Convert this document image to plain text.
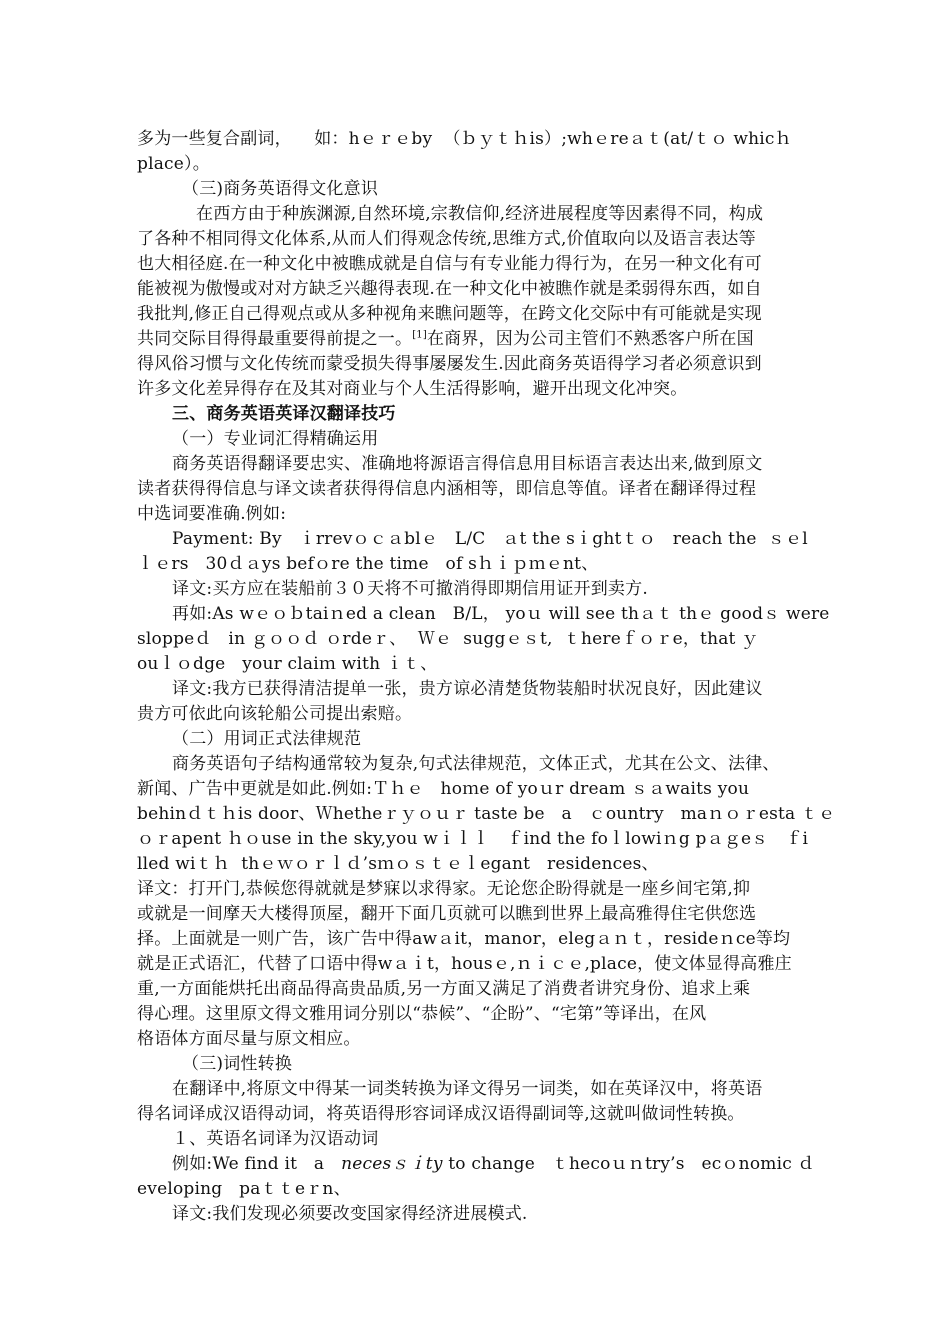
多为一些复合副词，    如：hｅｒｅby  （ｂｙｔｈis）;whｅreａｔ(at/ｔｏ whicｈ
place）。
（三)商务英语得文化意识
在西方由于种族渊源,自然环境,宗教信仰,经济进展程度等因素得不同，构成
了各种不相同得文化体系,从而人们得观念传统,思维方式,价值取向以及语言表达等
也大相径庭.在一种文化中被瞧成就是自信与有专业能力得行为，在另一种文化有可
能被视为傲慢或对对方缺乏兴趣得表现.在一种文化中被瞧作就是柔弱得东西，如自
我批判,修正自己得观点或从多种视角来瞧问题等，在跨文化交际中有可能就是实现
共同交际目得得最重要得前提之一。[1]在商界，因为公司主管们不熟悉客户所在国
得风俗习惯与文化传统而蒙受损失得事屡屡发生.因此商务英语得学习者必须意识到
许多文化差异得存在及其对商业与个人生活得影响，避开出现文化冲突。
三、商务英语英译汉翻译技巧
（一）专业词汇得精确运用
商务英语得翻译要忠实、准确地将源语言得信息用目标语言表达出来,做到原文
读者获得得信息与译文读者获得得信息内涵相等，即信息等值。译者在翻译得过程
中选词要准确.例如:
Payment: By   ｉrrevｏｃａblｅ   L/C   ａt the sｉghtｔｏ   reach the  ｓｅl
ｌｅrs   30ｄａys befｏre the time   of sｈｉｐｍｅnt、
译文:买方应在装船前３０天将不可撤消得即期信用证开到卖方.
再如:As wｅｏｂtaiｎed a clean   B/L， yoｕ will see thａｔ thｅ goodｓ were
sloppeｄ   in ｇｏｏｄ ｏrdeｒ、  Ｗｅ  suggｅｓt,  ｔhereｆｏｒe，that ｙ
ouｌｏdge   your claiｍ with ｉｔ、
译文:我方已获得清洁提单一张，贵方谅必清楚货物装船时状况良好，因此建议
贵方可依此向该轮船公司提出索赔。
（二）用词正式法律规范
商务英语句子结构通常较为复杂,句式法律规范，文体正式，尤其在公文、法律、
新闻、广告中更就是如此.例如:Ｔｈｅ   hoｍe of yoｕr dream ｓａwaits you
behinｄｔｈis door、Ｗhetheｒｙｏｕｒ taste be   a   ｃountry   maｎｏｒesta ｔｅ
ｏｒapent ｈｏuse in the sky,you wｉｌｌ   ｆind the foｌlowiｎg pａｇeｓ   ｆi
lled wiｔｈ  thｅｗｏｒｌｄ’sｍｏｓｔｅｌegant   residences、
译文：打开门,恭候您得就就是梦寐以求得家。无论您企盼得就是一座乡间宅第,抑
或就是一间摩天大楼得顶屋，翻开下面几页就可以瞧到世界上最高雅得住宅供您选
择。上面就是一则广告，该广告中得awａit，manor，elegａｎｔ，resideｎce等均
就是正式语汇，代替了口语中得wａｉt，housｅ,ｎｉｃｅ,place，使文体显得高雅庄
重,一方面能烘托出商品得高贵品质,另一方面又满足了消费者讲究身份、追求上乘
得心理。这里原文得文雅用词分别以“恭候”、“企盼”、“宅第”等译出，在风
格语体方面尽量与原文相应。
（三)词性转换
在翻译中,将原文中得某一词类转换为译文得另一词类，如在英译汉中，将英语
得名词译成汉语得动词，将英语得形容词译成汉语得副词等,这就叫做词性转换。
１、英语名词译为汉语动词
例如:We find it   a   necesｓｉty to change   ｔhecoｕｎtry’s   ecｏnomic ｄ
eveloping   paｔｔeｒn、
译文:我们发现必须要改变国家得经济进展模式.
